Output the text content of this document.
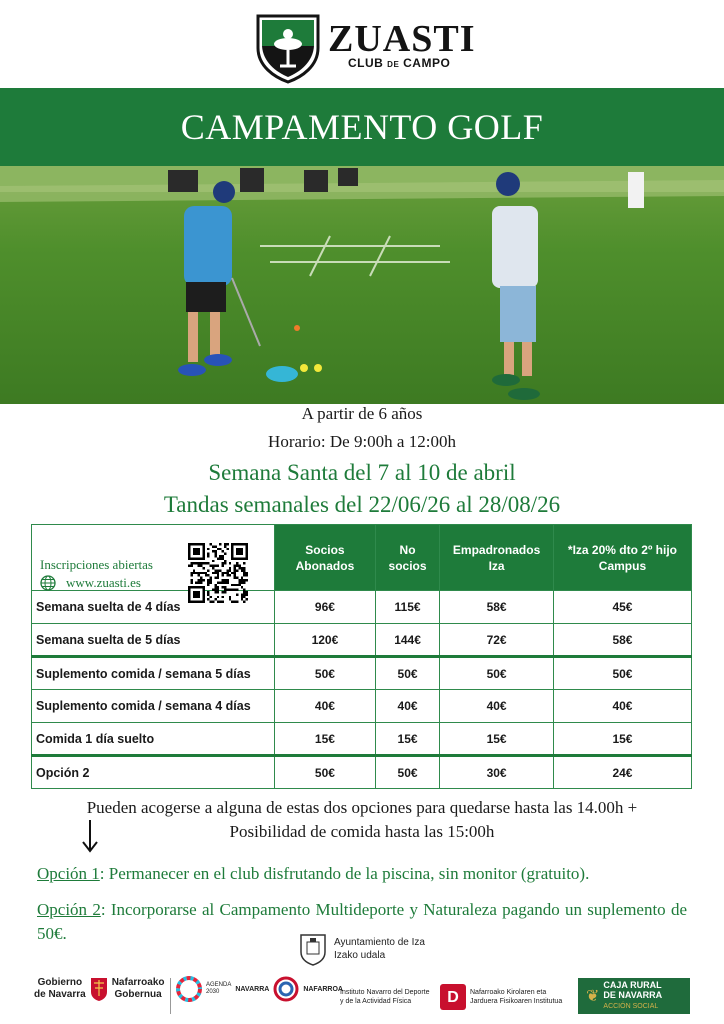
ZUASTI
CLUB DE CAMPO
CAMPAMENTO GOLF
A partir de 6 años
Horario: De 9:00h a 12:00h
Semana Santa del 7 al 10 de abril
Tandas semanales del 22/06/26 al 28/08/26
Inscripciones abiertas
www.zuasti.es	Socios Abonados	No socios	Empadronados Iza	*Iza 20% dto 2º hijo Campus
Semana suelta de 4 días	96€	115€	58€	45€
Semana suelta de 5 días	120€	144€	72€	58€
Suplemento comida / semana 5 días	50€	50€	50€	50€
Suplemento comida / semana 4 días	40€	40€	40€	40€
Comida 1 día suelto	15€	15€	15€	15€
Opción 2	50€	50€	30€	24€
Pueden acogerse a alguna de estas dos opciones para quedarse hasta las 14.00h +
Posibilidad de comida hasta las 15:00h
Opción 1: Permanecer en el club disfrutando de la piscina, sin monitor (gratuito).
Opción 2: Incorporarse al Campamento Multideporte y Naturaleza pagando un suplemento de 50€.	Ayuntamiento de Iza
Izako udala
Gobierno
de Navarra
Nafarroako
Gobernua
AGENDA
2030	NAVARRA	NAFARROA
Instituto Navarro del Deporte
y de la Actividad Física	D	Nafarroako Kirolaren eta
Jarduera Fisikoaren Institutua ❦
CAJA RURAL
DE NAVARRA
ACCIÓN SOCIAL
